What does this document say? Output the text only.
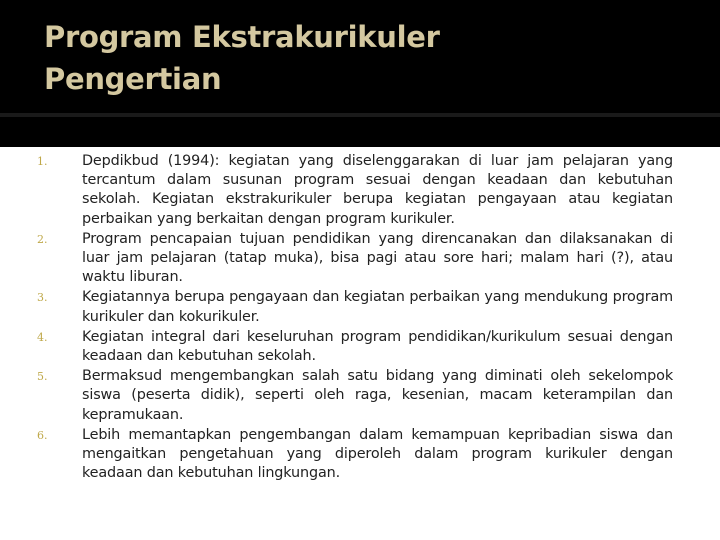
Program Ekstrakurikuler
Pengertian
1. Depdikbud (1994): kegiatan yang diselenggarakan di luar jam pelajaran yang tercantum dalam susunan program sesuai dengan keadaan dan kebutuhan sekolah. Kegiatan ekstrakurikuler berupa kegiatan pengayaan atau kegiatan perbaikan yang berkaitan dengan program kurikuler.
2. Program pencapaian tujuan pendidikan yang direncanakan dan dilaksanakan di luar jam pelajaran (tatap muka), bisa pagi atau sore hari; malam hari (?), atau waktu liburan.
3. Kegiatannya berupa pengayaan dan kegiatan perbaikan yang mendukung program kurikuler dan kokurikuler.
4. Kegiatan integral dari keseluruhan program pendidikan/kurikulum sesuai dengan keadaan dan kebutuhan sekolah.
5. Bermaksud mengembangkan salah satu bidang yang diminati oleh sekelompok siswa (peserta didik), seperti oleh raga, kesenian, macam keterampilan dan kepramukaan.
6. Lebih memantapkan pengembangan dalam kemampuan kepribadian siswa dan mengaitkan pengetahuan yang diperoleh dalam program kurikuler dengan keadaan dan kebutuhan lingkungan.
